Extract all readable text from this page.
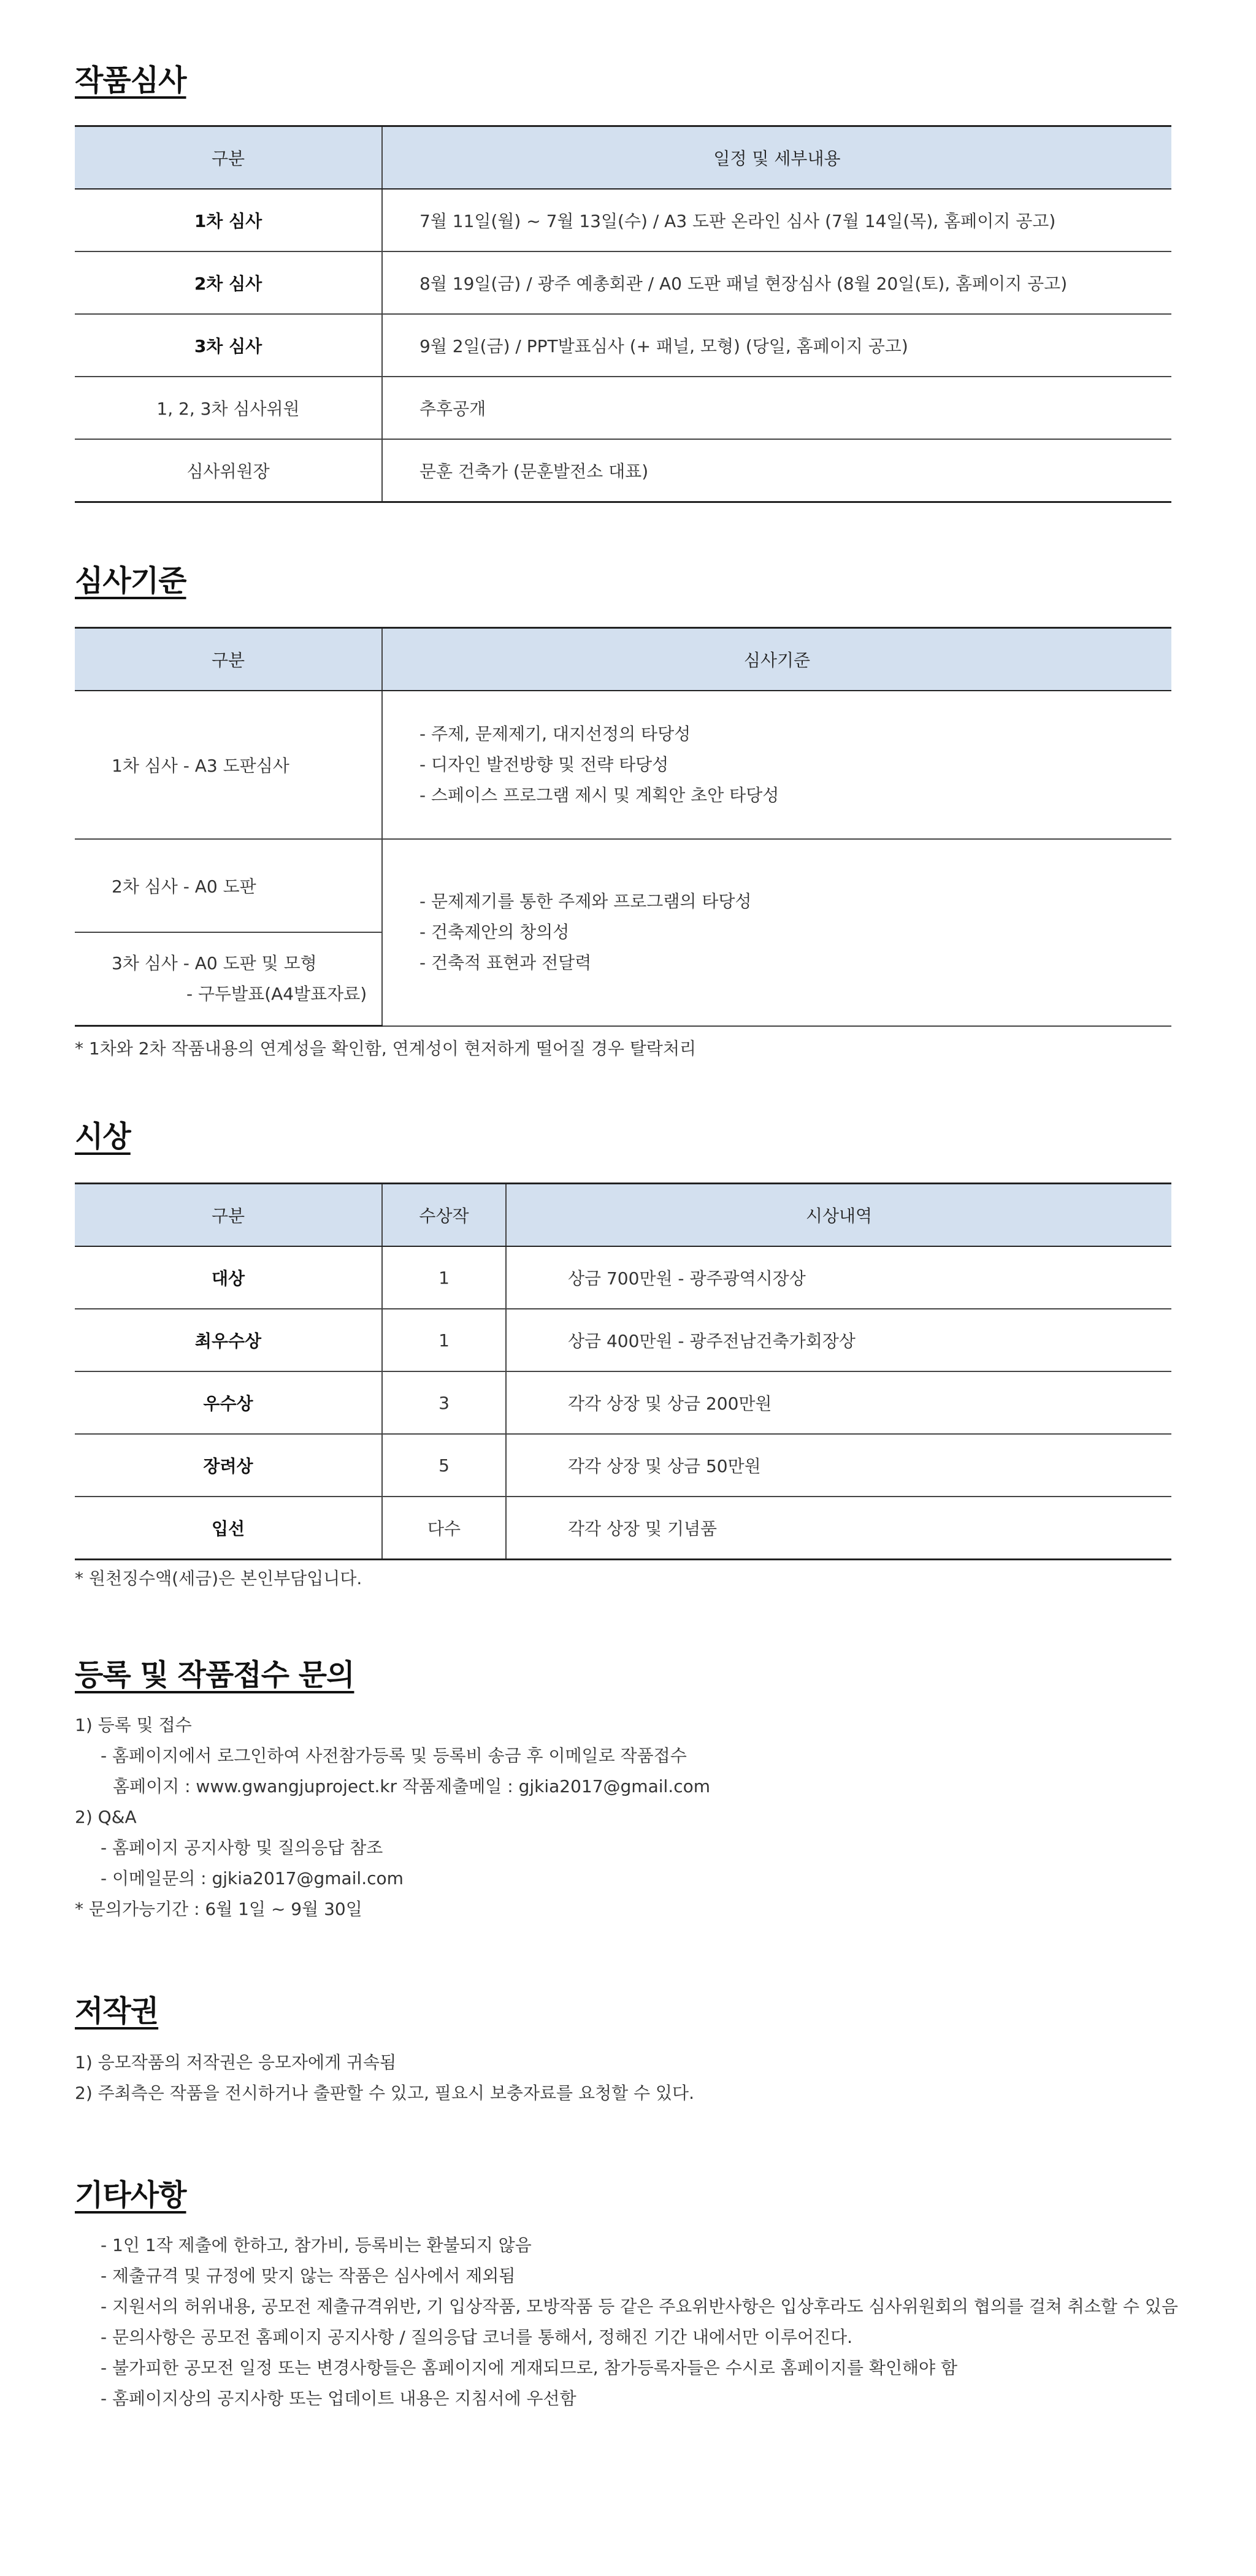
작품심사
구분	일정 및 세부내용
1차 심사	7월 11일(월) ~ 7월 13일(수) / A3 도판 온라인 심사 (7월 14일(목), 홈페이지 공고)
2차 심사	8월 19일(금) / 광주 예총회관 / A0 도판 패널 현장심사 (8월 20일(토), 홈페이지 공고)
3차 심사	9월 2일(금) / PPT발표심사 (+ 패널, 모형) (당일, 홈페이지 공고)
1, 2, 3차 심사위원	추후공개
심사위원장	문훈 건축가 (문훈발전소 대표)
심사기준
구분	심사기준
1차 심사 - A3 도판심사	- 주제, 문제제기, 대지선정의 타당성
- 디자인 발전방향 및 전략 타당성
- 스페이스 프로그램 제시 및 계획안 초안 타당성

2차 심사 - A0 도판	- 문제제기를 통한 주제와 프로그램의 타당성
- 건축제안의 창의성
- 건축적 표현과 전달력

3차 심사 - A0 도판 및 모형
- 구두발표(A4발표자료)	

* 1차와 2차 작품내용의 연계성을 확인함, 연계성이 현저하게 떨어질 경우 탈락처리

시상
구분	수상작	시상내역
대상	1	상금 700만원 - 광주광역시장상
최우수상	1	상금 400만원 - 광주전남건축가회장상
우수상	3	각각 상장 및 상금 200만원
장려상	5	각각 상장 및 상금 50만원
입선	다수	각각 상장 및 기념품

* 원천징수액(세금)은 본인부담입니다.

등록 및 작품접수 문의
1) 등록 및 접수
- 홈페이지에서 로그인하여 사전참가등록 및 등록비 송금 후 이메일로 작품접수
홈페이지 : www.gwangjuproject.kr 작품제출메일 : gjkia2017@gmail.com
2) Q&A
- 홈페이지 공지사항 및 질의응답 참조
- 이메일문의 : gjkia2017@gmail.com
* 문의가능기간 : 6월 1일 ~ 9월 30일
저작권
1) 응모작품의 저작권은 응모자에게 귀속됨
2) 주최측은 작품을 전시하거나 출판할 수 있고, 필요시 보충자료를 요청할 수 있다.
기타사항
- 1인 1작 제출에 한하고, 참가비, 등록비는 환불되지 않음
- 제출규격 및 규정에 맞지 않는 작품은 심사에서 제외됨
- 지원서의 허위내용, 공모전 제출규격위반, 기 입상작품, 모방작품 등 같은 주요위반사항은 입상후라도 심사위원회의 협의를 걸쳐 취소할 수 있음
- 문의사항은 공모전 홈페이지 공지사항 / 질의응답 코너를 통해서, 정해진 기간 내에서만 이루어진다.
- 불가피한 공모전 일정 또는 변경사항들은 홈페이지에 게재되므로, 참가등록자들은 수시로 홈페이지를 확인해야 함
- 홈페이지상의 공지사항 또는 업데이트 내용은 지침서에 우선함
